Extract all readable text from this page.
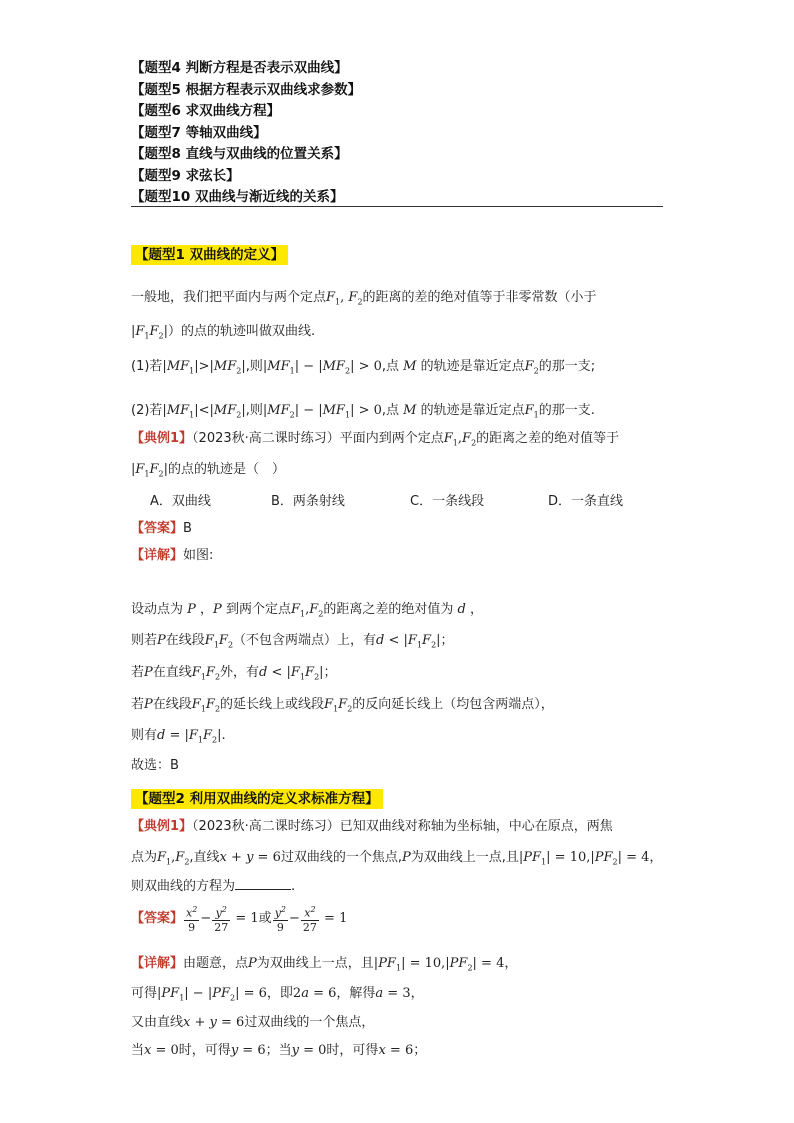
【题型4 判断方程是否表示双曲线】
【题型5 根据方程表示双曲线求参数】
【题型6 求双曲线方程】
【题型7 等轴双曲线】
【题型8 直线与双曲线的位置关系】
【题型9 求弦长】
【题型10 双曲线与渐近线的关系】
【题型1 双曲线的定义】
一般地，我们把平面内与两个定点$F_1$, $F_2$的距离的差的绝对值等于非零常数（小于
$|F_1F_2|$）的点的轨迹叫做双曲线.
(1)若$|MF_1|>|MF_2|$,则$|MF_1| - |MF_2| > 0$,点 M 的轨迹是靠近定点$F_2$的那一支;
(2)若$|MF_1|<|MF_2|$,则$|MF_2| - |MF_1| > 0$,点 M 的轨迹是靠近定点$F_1$的那一支.
【典例1】（2023秋·高二课时练习）平面内到两个定点$F_1,F_2$的距离之差的绝对值等于
$|F_1F_2|$的点的轨迹是（　）
A．双曲线	B．两条射线	C．一条线段	D．一条直线
【答案】B
【详解】如图:
设动点为 P ，P 到两个定点$F_1,F_2$的距离之差的绝对值为 d ，
则若P在线段$F_1F_2$（不包含两端点）上，有$d < |F_1F_2|$；
若P在直线$F_1F_2$外，有$d < |F_1F_2|$；
若P在线段$F_1F_2$的延长线上或线段$F_1F_2$的反向延长线上（均包含两端点），
则有$d = |F_1F_2|$.
故选：B
【题型2 利用双曲线的定义求标准方程】
【典例1】（2023秋·高二课时练习）已知双曲线对称轴为坐标轴，中心在原点，两焦
点为$F_1,F_2$,直线x + y = 6过双曲线的一个焦点,P为双曲线上一点,且$|PF_1| = 10,|PF_2| = 4$，
则双曲线的方程为	.
【答案】 $\frac{x^2}{9} - \frac{y^2}{27} = 1$或 $\frac{y^2}{9} - \frac{x^2}{27} = 1$
【详解】由题意，点P为双曲线上一点，且$|PF_1| = 10,|PF_2| = 4$，
可得$|PF_1| - |PF_2| = 6$，即2a = 6，解得a = 3，
又由直线x + y = 6过双曲线的一个焦点，
当x = 0时，可得y = 6；当y = 0时，可得x = 6；
